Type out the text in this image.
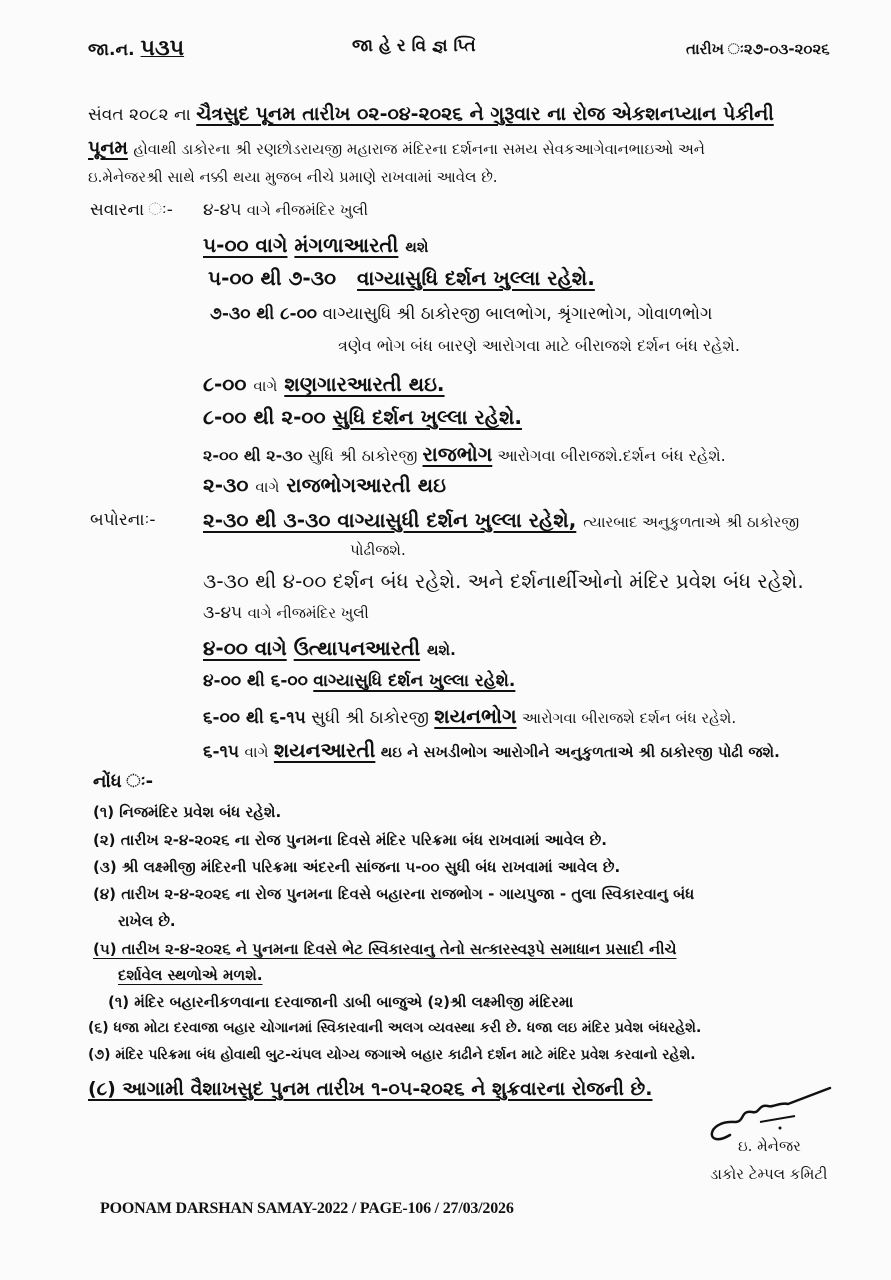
જા.ન. ૫૩૫	જા હે ર વિ જ્ઞ પ્તિ	તારીખ ઃ૨૭-૦૩-૨૦૨૬
સંવત ૨૦૮૨ ના ચૈત્રસુદ પૂનમ તારીખ ૦૨-૦૪-૨૦૨૬ ને ગુરૂવાર ના રોજ એકશનપ્યાન પેકીની
પૂનમ હોવાથી ડાકોરના શ્રી રણછોડરાયજી મહારાજ મંદિરના દર્શનના સમય સેવકઆગેવાનભાઇઓ અને
ઇ.મેનેજરશ્રી સાથે નક્કી થયા મુજબ નીચે પ્રમાણે રાખવામાં આવેલ છે.
સવારના ઃ- ૪-૪૫ વાગે નીજમંદિર ખુલી
૫-૦૦ વાગે મંગળાઆરતી થશે
૫-૦૦ થી ૭-૩૦ વાગ્યાસુધિ દર્શન ખુલ્લા રહેશે.
૭-૩૦ થી ૮-૦૦ વાગ્યાસુધિ શ્રી ઠાકોરજી બાલભોગ, શ્રૃંગારભોગ, ગોવાળભોગ
ત્રણેવ ભોગ બંધ બારણે આરોગવા માટે બીરાજશે દર્શન બંધ રહેશે.
૮-૦૦ વાગે શણગારઆરતી થઇ.
૮-૦૦ થી ૨-૦૦ સુધિ દર્શન ખુલ્લા રહેશે.
૨-૦૦ થી ૨-૩૦ સુધિ શ્રી ઠાકોરજી રાજભોગ આરોગવા બીરાજશે.દર્શન બંધ રહેશે.
૨-૩૦ વાગે રાજભોગઆરતી થઇ
બપોરનાઃ- ૨-૩૦ થી ૩-૩૦ વાગ્યાસુધી દર્શન ખુલ્લા રહેશે, ત્યારબાદ અનુકુળતાએ શ્રી ઠાકોરજી
પોઢીજશે.
૩-૩૦ થી ૪-૦૦ દર્શન બંધ રહેશે. અને દર્શનાર્થીઓનો મંદિર પ્રવેશ બંધ રહેશે.
૩-૪૫ વાગે નીજમંદિર ખુલી
૪-૦૦ વાગે ઉત્થાપનઆરતી થશે.
૪-૦૦ થી ૬-૦૦ વાગ્યાસુધિ દર્શન ખુલ્લા રહેશે.
૬-૦૦ થી ૬-૧૫ સુધી શ્રી ઠાકોરજી શયનભોગ આરોગવા બીરાજશે દર્શન બંધ રહેશે.
૬-૧૫ વાગે શયનઆરતી થઇ ને સખડીભોગ આરોગીને અનુકુળતાએ શ્રી ઠાકોરજી પોઢી જશે.
નોંધ ઃ-
(૧) નિજમંદિર પ્રવેશ બંધ રહેશે.
(૨) તારીખ ૨-૪-૨૦૨૬ ના રોજ પુનમના દિવસે મંદિર પરિક્રમા બંધ રાખવામાં આવેલ છે.
(૩) શ્રી લક્ષ્મીજી મંદિરની પરિક્રમા અંદરની સાંજના ૫-૦૦ સુધી બંધ રાખવામાં આવેલ છે.
(૪) તારીખ ૨-૪-૨૦૨૬ ના રોજ પુનમના દિવસે બહારના રાજભોગ - ગાયપુજા - તુલા સ્વિકારવાનુ બંધ
રાખેલ છે.
(૫) તારીખ ૨-૪-૨૦૨૬ ને પુનમના દિવસે ભેટ સ્વિકારવાનુ તેનો સત્કારસ્વરૂપે સમાધાન પ્રસાદી નીચે
દર્શાવેલ સ્થળોએ મળશે.
(૧) મંદિર બહારનીકળવાના દરવાજાની ડાબી બાજુએ (૨)શ્રી લક્ષ્મીજી મંદિરમા
(૬) ધજા મોટા દરવાજા બહાર ચોગાનમાં સ્વિકારવાની અલગ વ્યવસ્થા કરી છે. ધજા લઇ મંદિર પ્રવેશ બંધરહેશે.
(૭) મંદિર પરિક્રમા બંધ હોવાથી બુટ-ચંપલ યોગ્ય જગાએ બહાર કાઢીને દર્શન માટે મંદિર પ્રવેશ કરવાનો રહેશે.
(૮) આગામી વૈશાખસુદ પુનમ તારીખ ૧-૦૫-૨૦૨૬ ને શુક્રવારના રોજની છે.
ઇ. મેનેજર
ડાકોર ટેમ્પલ કમિટી
POONAM DARSHAN SAMAY-2022 / PAGE-106 / 27/03/2026
